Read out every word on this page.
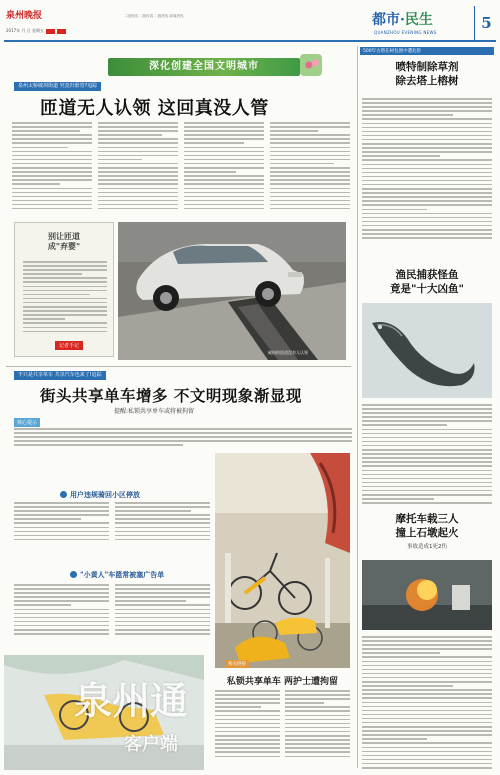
泉州晚报
2017年 月 日 星期五
二版热线 二版传真 二版热线 新闻热线	都市·民生
QUANZHOU EVENING NEWS
5
深化创建全国文明城市
泉州太桥破坝街道 究竟归谁管?追踪
匝道无人认领 这回真没人管
别让匝道
成"弃婴"
记者手记
破损的匝道没有人认领
不只是共享单车 共享汽车也来了!追踪
街头共享单车增多 不文明现象渐显现
提醒:私锁共享单车或将被拘留
核心提示
用户违规骑回小区停放
"小黄人"车篮常被塞广告单
相关链接
私锁共享单车 两护士遭拘留
泉州通
客户端
500年古塔在树包围中遭危险
喷特制除草剂
除去塔上榕树
渔民捕获怪鱼
竟是"十大凶鱼"
摩托车载三人
撞上石墩起火
事故造成1死2伤
